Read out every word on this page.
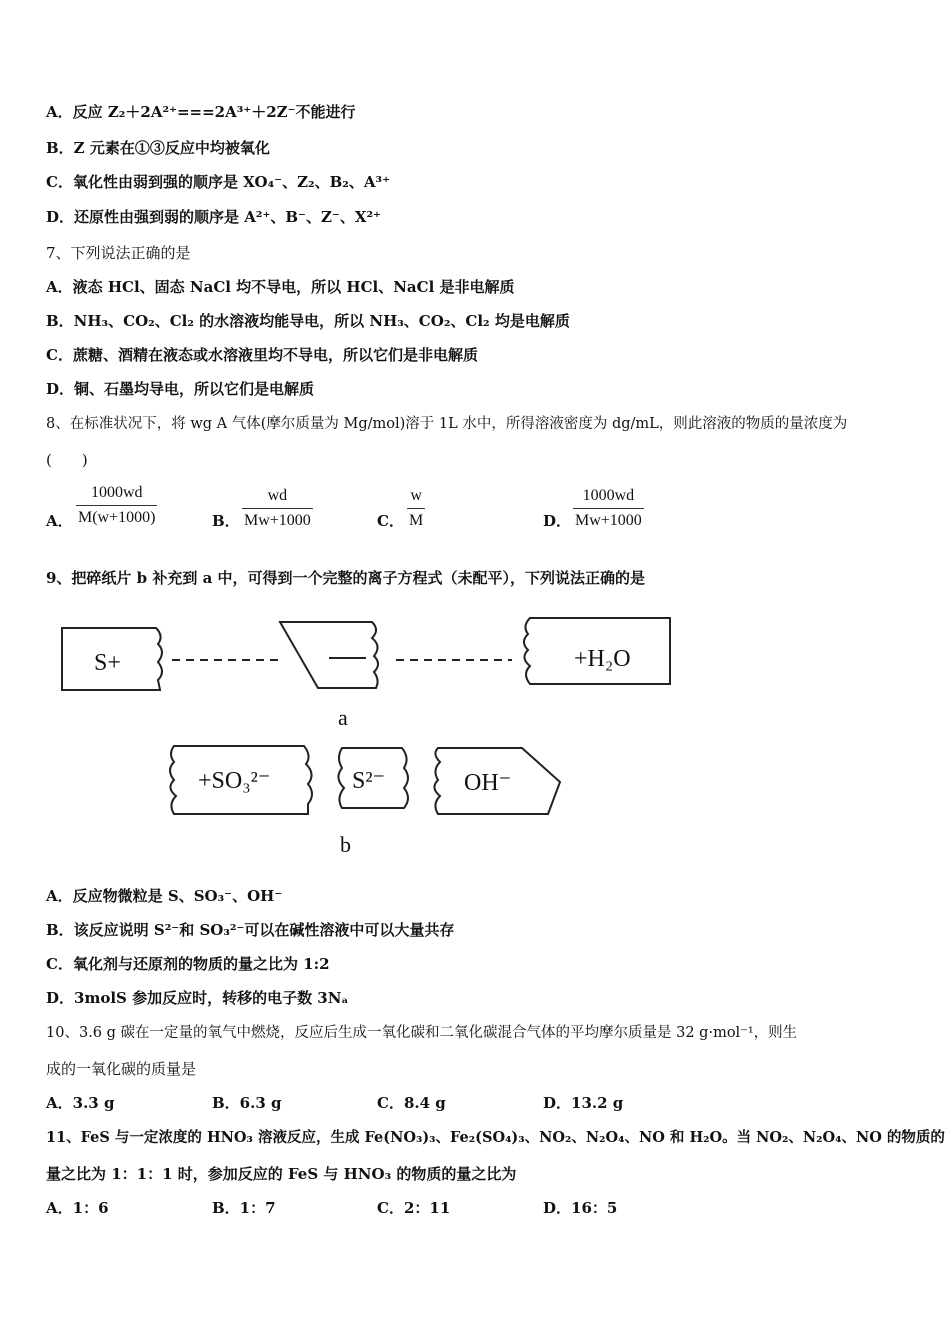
A．反应 Z₂＋2A²⁺===2A³⁺＋2Z⁻不能进行
B．Z 元素在①③反应中均被氧化
C．氧化性由弱到强的顺序是 XO₄⁻、Z₂、B₂、A³⁺
D．还原性由强到弱的顺序是 A²⁺、B⁻、Z⁻、X²⁺
7、下列说法正确的是
A．液态 HCl、固态 NaCl 均不导电，所以 HCl、NaCl 是非电解质
B．NH₃、CO₂、Cl₂ 的水溶液均能导电，所以 NH₃、CO₂、Cl₂ 均是电解质
C．蔗糖、酒精在液态或水溶液里均不导电，所以它们是非电解质
D．铜、石墨均导电，所以它们是电解质
8、在标准状况下，将 wg A 气体(摩尔质量为 Mg/mol)溶于 1L 水中，所得溶液密度为 dg/mL，则此溶液的物质的量浓度为
(　　)
A． $\frac{1000wd}{M(w+1000)}$	B． $\frac{wd}{Mw+1000}$	C． $\frac{w}{M}$	D． $\frac{1000wd}{Mw+1000}$
9、把碎纸片 b 补充到 a 中，可得到一个完整的离子方程式（未配平），下列说法正确的是
S+	+H₂O
a
+SO₃²⁻	S²⁻	OH⁻
b
A．反应物微粒是 S、SO₃⁻、OH⁻
B．该反应说明 S²⁻和 SO₃²⁻可以在碱性溶液中可以大量共存
C．氧化剂与还原剂的物质的量之比为 1:2
D．3molS 参加反应时，转移的电子数 3Nₐ
10、3.6 g 碳在一定量的氧气中燃烧，反应后生成一氧化碳和二氧化碳混合气体的平均摩尔质量是 32 g·mol⁻¹，则生
成的一氧化碳的质量是
A．3.3 g	B．6.3 g	C．8.4 g	D．13.2 g
11、FeS 与一定浓度的 HNO₃ 溶液反应，生成 Fe(NO₃)₃、Fe₂(SO₄)₃、NO₂、N₂O₄、NO 和 H₂O。当 NO₂、N₂O₄、NO 的物质的
量之比为 1：1：1 时，参加反应的 FeS 与 HNO₃ 的物质的量之比为
A．1：6	B．1：7	C．2：11	D．16：5
